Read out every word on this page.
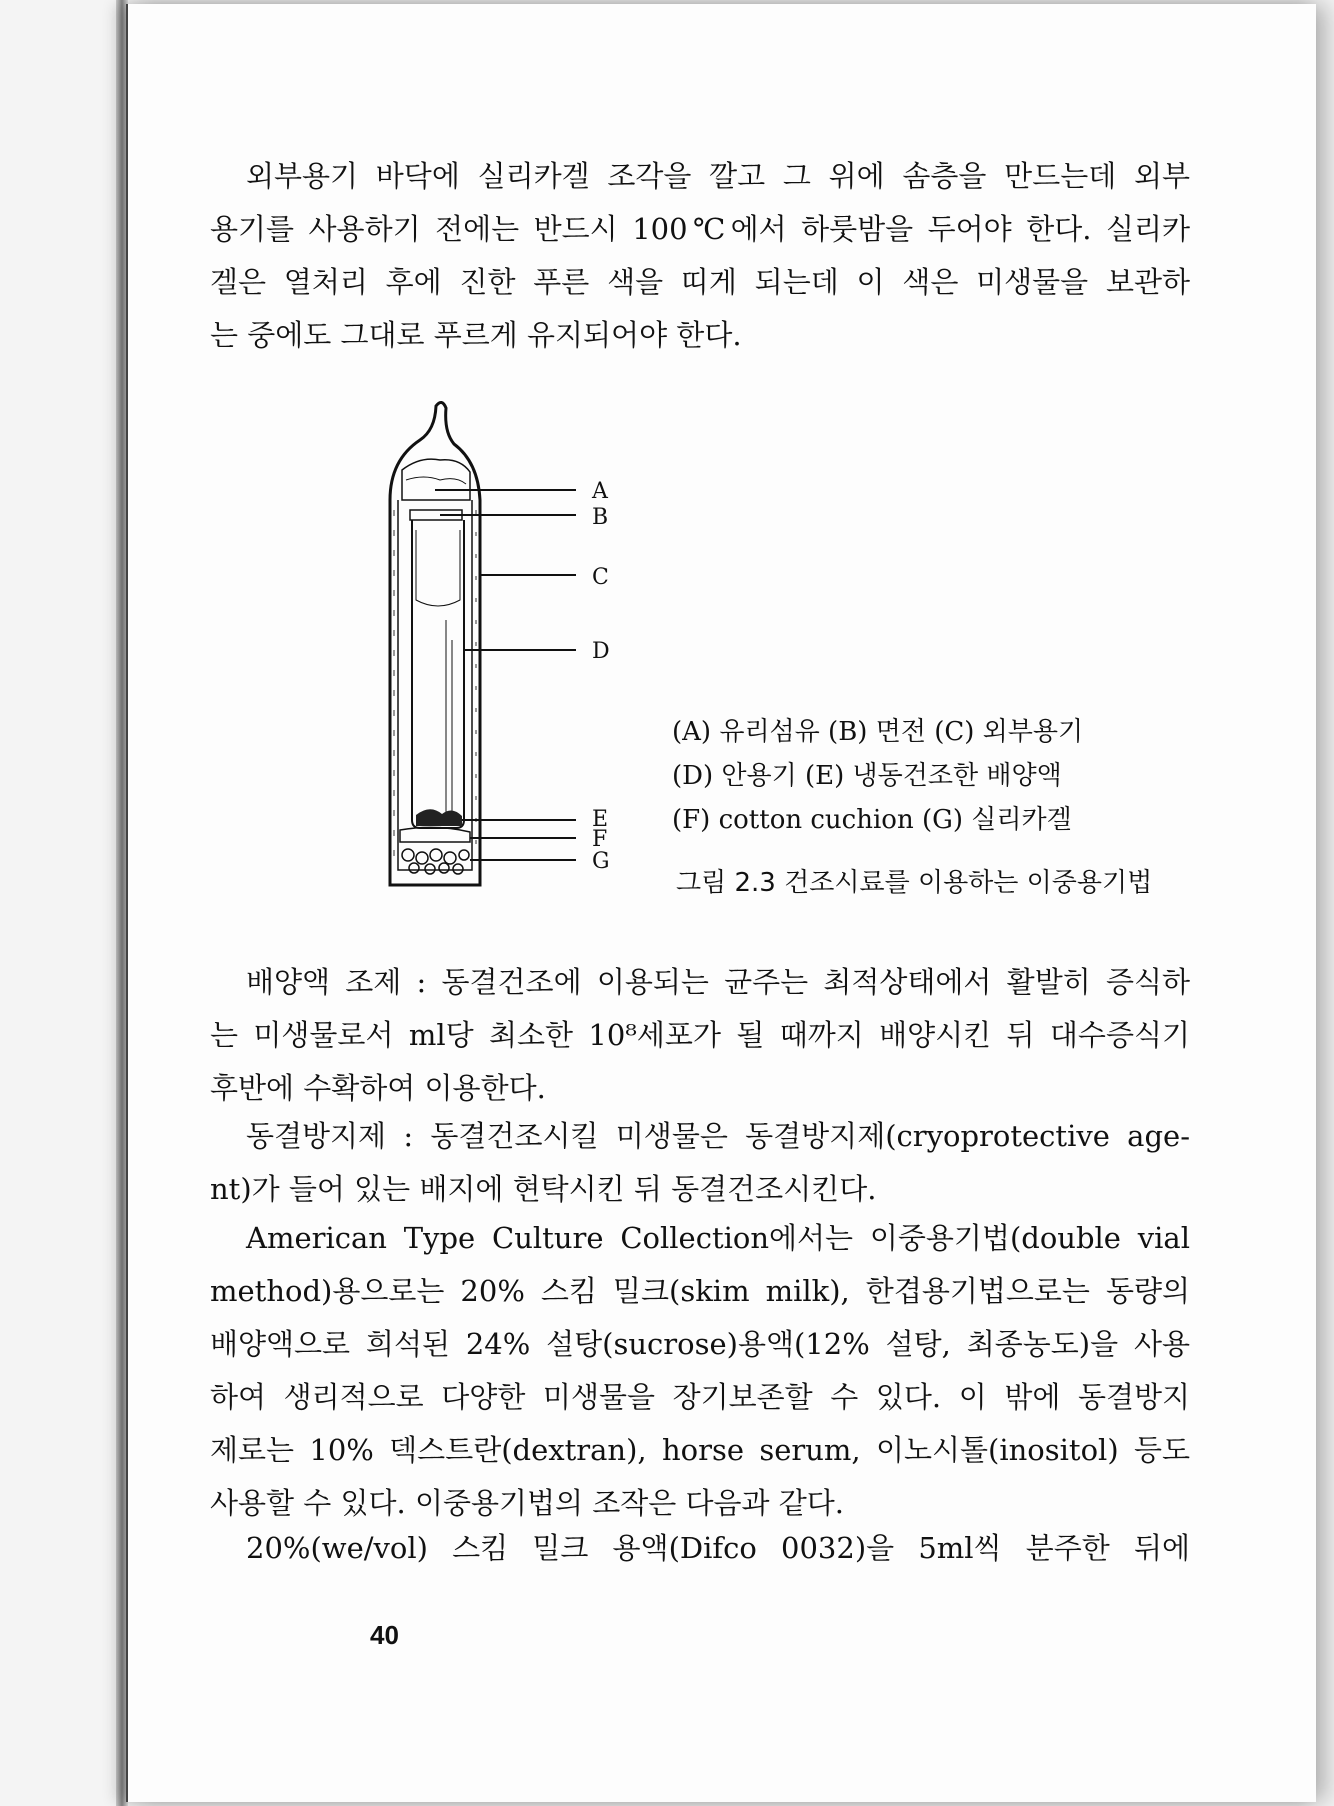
외부용기 바닥에 실리카겔 조각을 깔고 그 위에 솜층을 만드는데 외부
용기를 사용하기 전에는 반드시 100℃에서 하룻밤을 두어야 한다. 실리카
겔은 열처리 후에 진한 푸른 색을 띠게 되는데 이 색은 미생물을 보관하
는 중에도 그대로 푸르게 유지되어야 한다.
A
B
C
D
E
F
G
(A) 유리섬유 (B) 면전 (C) 외부용기
(D) 안용기 (E) 냉동건조한 배양액
(F) cotton cuchion (G) 실리카겔
그림 2.3 건조시료를 이용하는 이중용기법
배양액 조제 : 동결건조에 이용되는 균주는 최적상태에서 활발히 증식하
는 미생물로서 ml당 최소한 10⁸세포가 될 때까지 배양시킨 뒤 대수증식기
후반에 수확하여 이용한다.
동결방지제 : 동결건조시킬 미생물은 동결방지제(cryoprotective age-
nt)가 들어 있는 배지에 현탁시킨 뒤 동결건조시킨다.
American Type Culture Collection에서는 이중용기법(double vial
method)용으로는 20% 스킴 밀크(skim milk), 한겹용기법으로는 동량의
배양액으로 희석된 24% 설탕(sucrose)용액(12% 설탕, 최종농도)을 사용
하여 생리적으로 다양한 미생물을 장기보존할 수 있다. 이 밖에 동결방지
제로는 10% 덱스트란(dextran), horse serum, 이노시톨(inositol) 등도
사용할 수 있다. 이중용기법의 조작은 다음과 같다.
20%(we/vol) 스킴 밀크 용액(Difco 0032)을 5ml씩 분주한 뒤에
40
